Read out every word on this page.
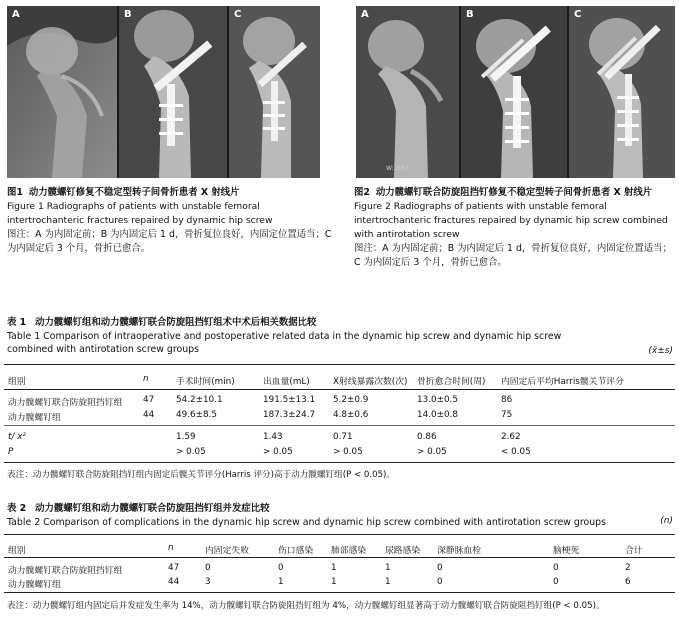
A	B	C
图1 动力髋螺钉修复不稳定型转子间骨折患者 X 射线片
Figure 1 Radiographs of patients with unstable femoral intertrochanteric fractures repaired by dynamic hip screw
图注：A 为内固定前；B 为内固定后 1 d，骨折复位良好，内固定位置适当；C 为内固定后 3 个月，骨折已愈合。
A
W:2658
B	C
图2 动力髋螺钉联合防旋阻挡钉修复不稳定型转子间骨折患者 X 射线片
Figure 2 Radiographs of patients with unstable femoral intertrochanteric fractures repaired by dynamic hip screw combined with antirotation screw
图注：A 为内固定前；B 为内固定后 1 d，骨折复位良好，内固定位置适当；C 为内固定后 3 个月，骨折已愈合。
表 1 动力髋螺钉组和动力髋螺钉联合防旋阻挡钉组术中术后相关数据比较
Table 1 Comparison of intraoperative and postoperative related data in the dynamic hip screw and dynamic hip screw combined with antirotation screw groups	(x̄±s)
组别	n	手术时间(min)	出血量(mL)	X射线暴露次数(次) 骨折愈合时间(周) 内固定后平均Harris髋关节评分
动力髋螺钉联合防旋阻挡钉组 47 54.2±10.1	191.5±13.1 5.2±0.9	13.0±0.5	86
动力髋螺钉组	44 49.6±8.5	187.3±24.7 4.8±0.6	14.0±0.8	75
t/ x²	1.59	1.43	0.71	0.86	2.62
P	> 0.05	> 0.05	> 0.05	> 0.05	< 0.05
表注：动力髋螺钉联合防旋阻挡钉组内固定后髋关节评分(Harris 评分)高于动力髋螺钉组(P < 0.05)。
表 2 动力髋螺钉组和动力髋螺钉联合防旋阻挡钉组并发症比较
Table 2 Comparison of complications in the dynamic hip screw and dynamic hip screw combined with antirotation screw groups	(n)
组别	n	内固定失败	伤口感染 肺部感染 尿路感染 深静脉血栓	脑梗死	合计
动力髋螺钉联合防旋阻挡钉组	47	0	0	1	1	0	0	2
动力髋螺钉组	44	3	1	1	1	0	0	6
表注：动力髋螺钉组内固定后并发症发生率为 14%，动力髋螺钉联合防旋阻挡钉组为 4%，动力髋螺钉组显著高于动力髋螺钉联合防旋阻挡钉组(P < 0.05)。
